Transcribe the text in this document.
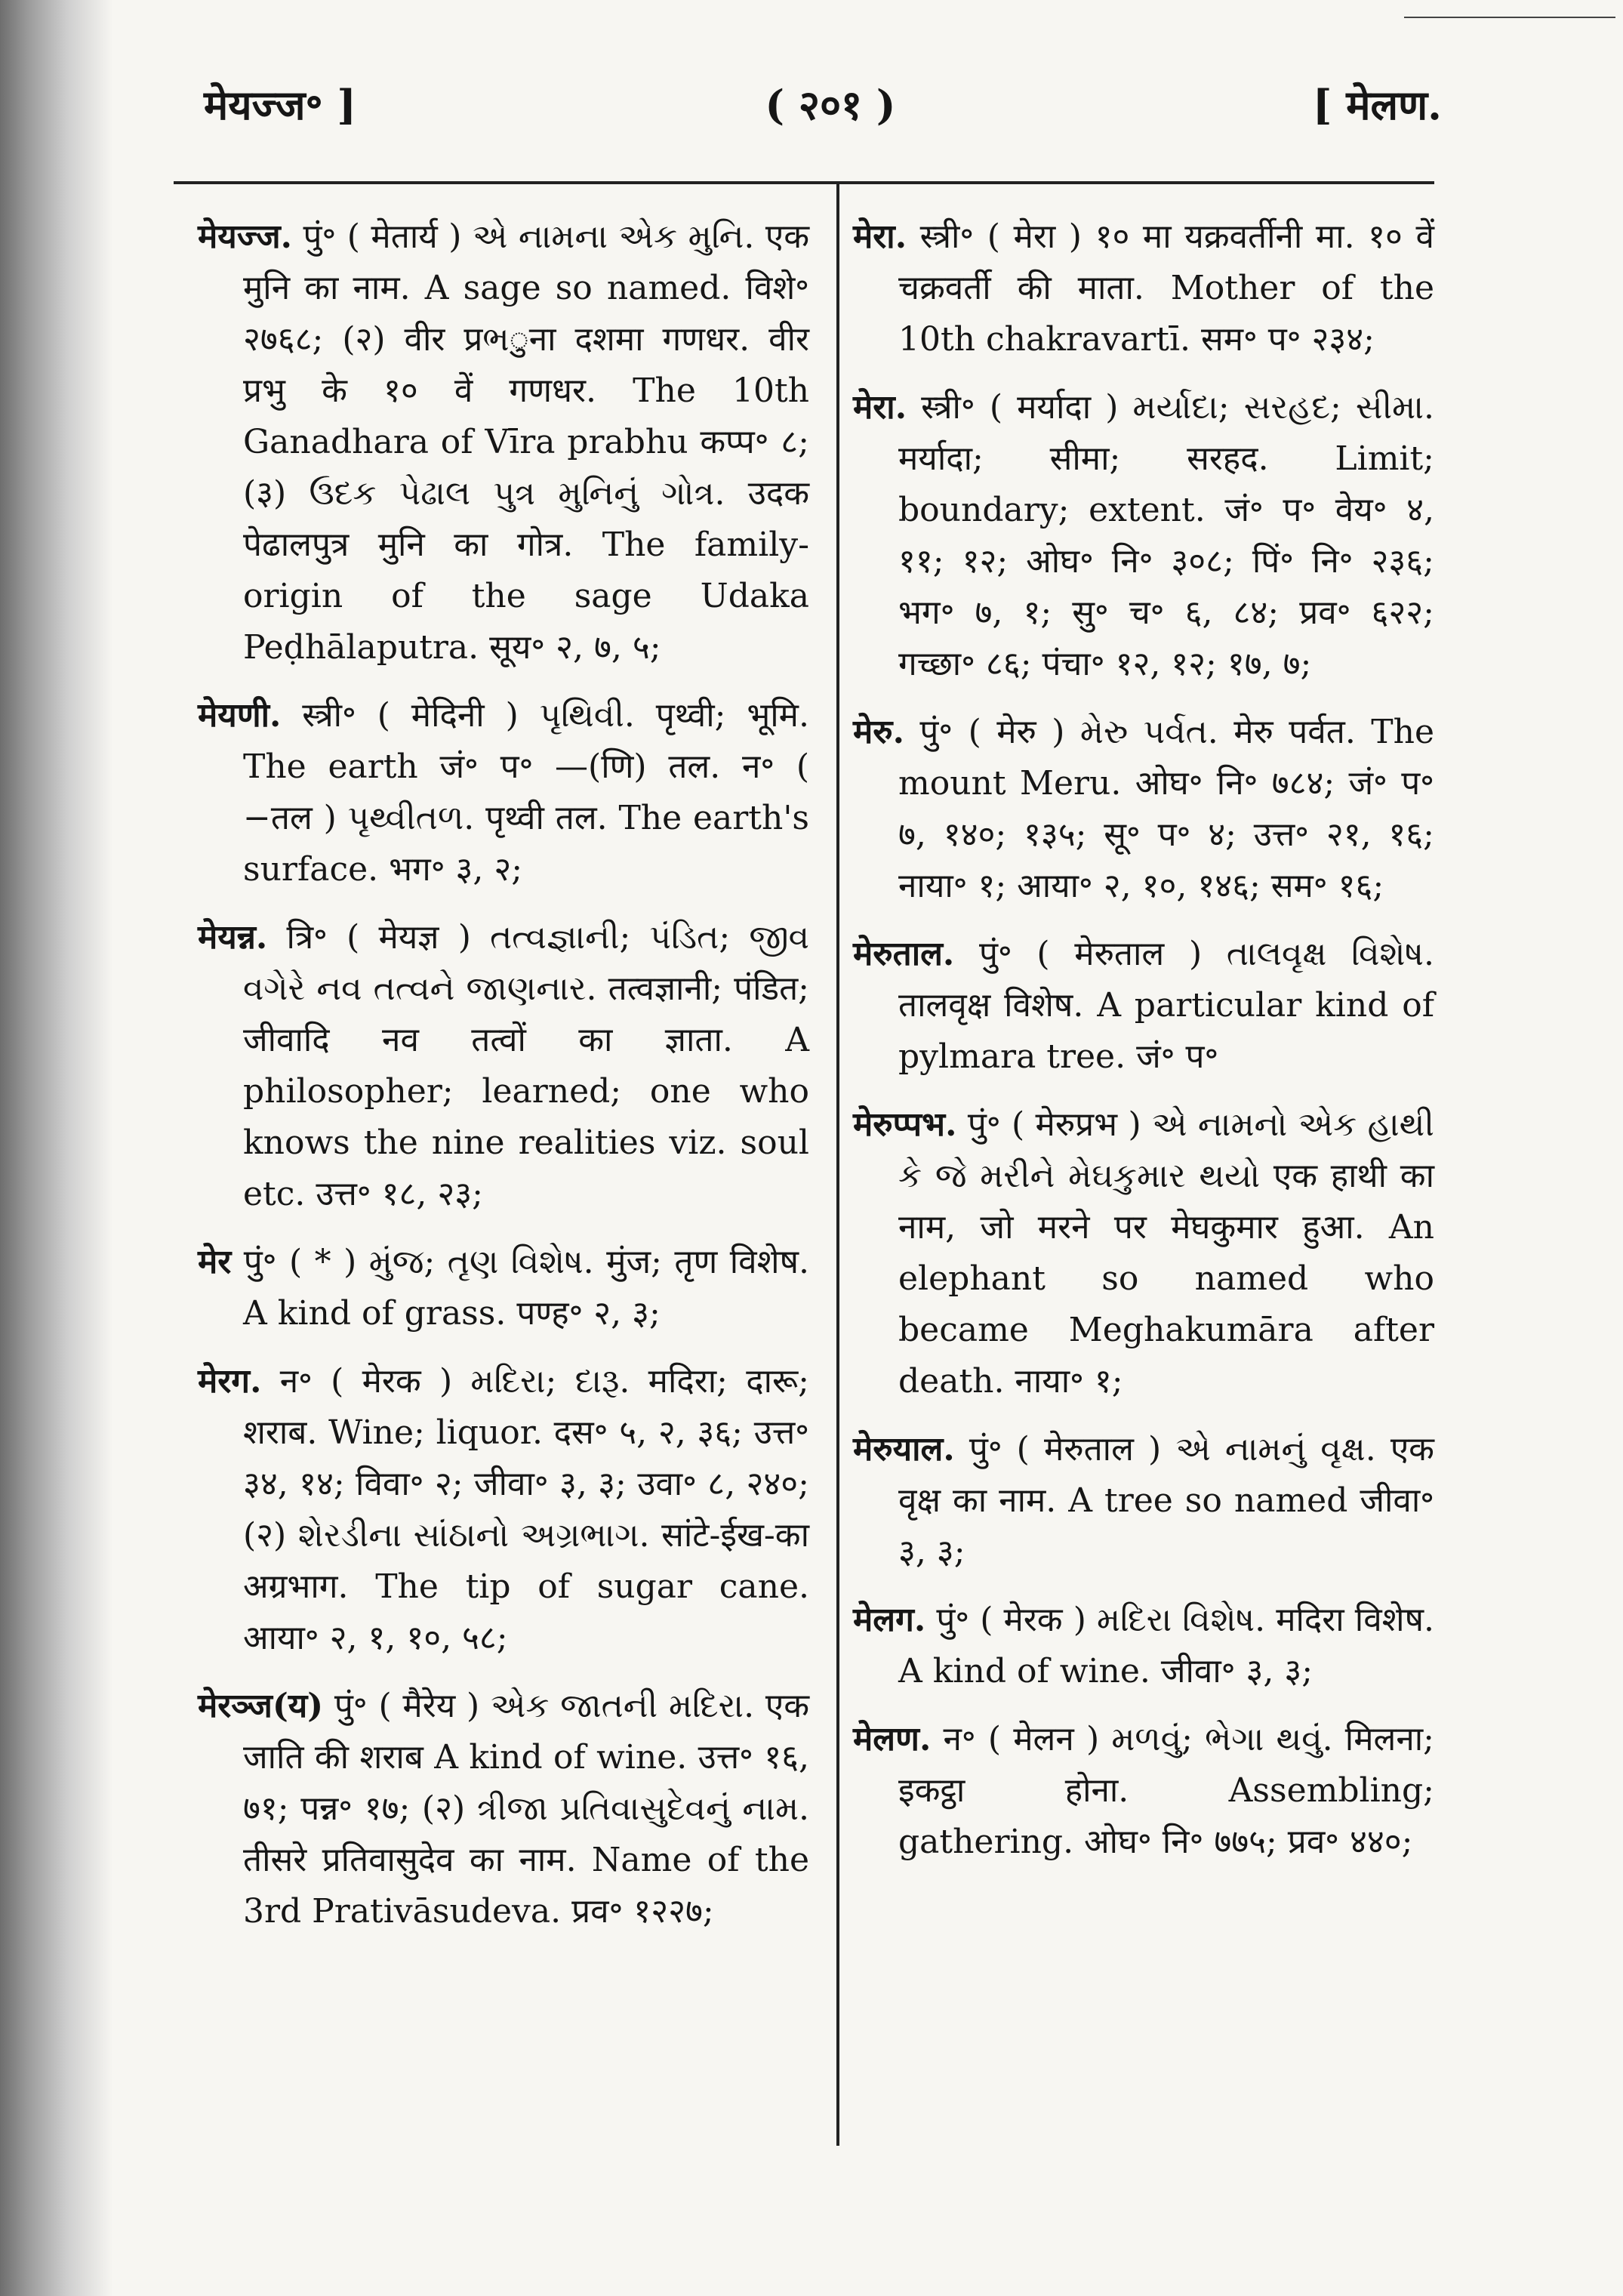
मेयज्ज॰ ]	( २०१ )	[ मेलण.

मेयज्ज. पुं॰ ( मेतार्य ) એ નામના એક મુનિ. एक मुनि का नाम. A sage so named. विशे॰ २७६८; (२) वीर प्रભुना दशमा गणधर. वीर प्रभु के १० वें गणधर. The 10th Ganadhara of Vīra prabhu कप्प॰ ८; (३) ઉદક પેઢાલ પુત્ર મુનિનું ગોત્ર. उदक पेढालपुत्र मुनि का गोत्र. The family-origin of the sage Udaka Peḍhālaputra. सूय॰ २, ७, ५;

मेयणी. स्त्री॰ ( मेदिनी ) પૃથિવી. पृथ्वी; भूमि. The earth जं॰ प॰ —(णि) तल. न॰ ( −तल ) પૃથ્વીતળ. पृथ्वी तल. The earth's surface. भग॰ ३, २;

मेयन्न. त्रि॰ ( मेयज्ञ ) તત્વજ્ઞાની; પંડિત; જીવ વગેરે નવ તત્વને જાણનાર. तत्वज्ञानी; पंडित; जीवादि नव तत्वों का ज्ञाता. A philosopher; learned; one who knows the nine realities viz. soul etc. उत्त॰ १८, २३;

मेर पुं॰ ( * ) મુંજ; તૃણ વિશેષ. मुंज; तृण विशेष. A kind of grass. पण्ह॰ २, ३;

मेरग. न॰ ( मेरक ) મદિરા; દારૂ. मदिरा; दारू; शराब. Wine; liquor. दस॰ ५, २, ३६; उत्त॰ ३४, १४; विवा॰ २; जीवा॰ ३, ३; उवा॰ ८, २४०; (२) શેરડીના સાંઠાનો અગ્રભાગ. सांटे-ईख-का अग्रभाग. The tip of sugar cane. आया॰ २, १, १०, ५८;

मेरञ्ज(य) पुं॰ ( मैरेय ) એક જાતની મદિરા. एक जाति की शराब A kind of wine. उत्त॰ १६, ७१; पन्न॰ १७; (२) ત્રીજા પ્રતિવાસુદેવનું નામ. तीसरे प्रतिवासुदेव का नाम. Name of the 3rd Prativāsudeva. प्रव॰ १२२७;

मेरा. स्त्री॰ ( मेरा ) १० मा यक्रवर्तीनी मा. १० वें चक्रवर्ती की माता. Mother of the 10th chakravartī. सम॰ प॰ २३४;

मेरा. स्त्री॰ ( मर्यादा ) મર્યાદા; સરહદ; સીમા. मर्यादा; सीमा; सरहद. Limit; boundary; extent. जं॰ प॰ वेय॰ ४, ११; १२; ओघ॰ नि॰ ३०८; पिं॰ नि॰ २३६; भग॰ ७, १; सु॰ च॰ ६, ८४; प्रव॰ ६२२; गच्छा॰ ८६; पंचा॰ १२, १२; १७, ७;

मेरु. पुं॰ ( मेरु ) મેરુ પર્વત. मेरु पर्वत. The mount Meru. ओघ॰ नि॰ ७८४; जं॰ प॰ ७, १४०; १३५; सू॰ प॰ ४; उत्त॰ २१, १६; नाया॰ १; आया॰ २, १०, १४६; सम॰ १६;

मेरुताल. पुं॰ ( मेरुताल ) તાલવૃક્ષ વિશેષ. तालवृक्ष विशेष. A particular kind of pylmara tree. जं॰ प॰

मेरुप्पभ. पुं॰ ( मेरुप्रभ ) એ નામનો એક હાથી કે જે મરીને મેઘકુમાર થયો एक हाथी का नाम, जो मरने पर मेघकुमार हुआ. An elephant so named who became Meghakumāra after death. नाया॰ १;

मेरुयाल. पुं॰ ( मेरुताल ) એ નામનું વૃક્ષ. एक वृक्ष का नाम. A tree so named जीवा॰ ३, ३;

मेलग. पुं॰ ( मेरक ) મદિરા વિશેષ. मदिरा विशेष. A kind of wine. जीवा॰ ३, ३;

मेलण. न॰ ( मेलन ) મળવું; ભેગા થવું. मिलना; इकट्ठा होना. Assembling; gathering. ओघ॰ नि॰ ७७५; प्रव॰ ४४०;
